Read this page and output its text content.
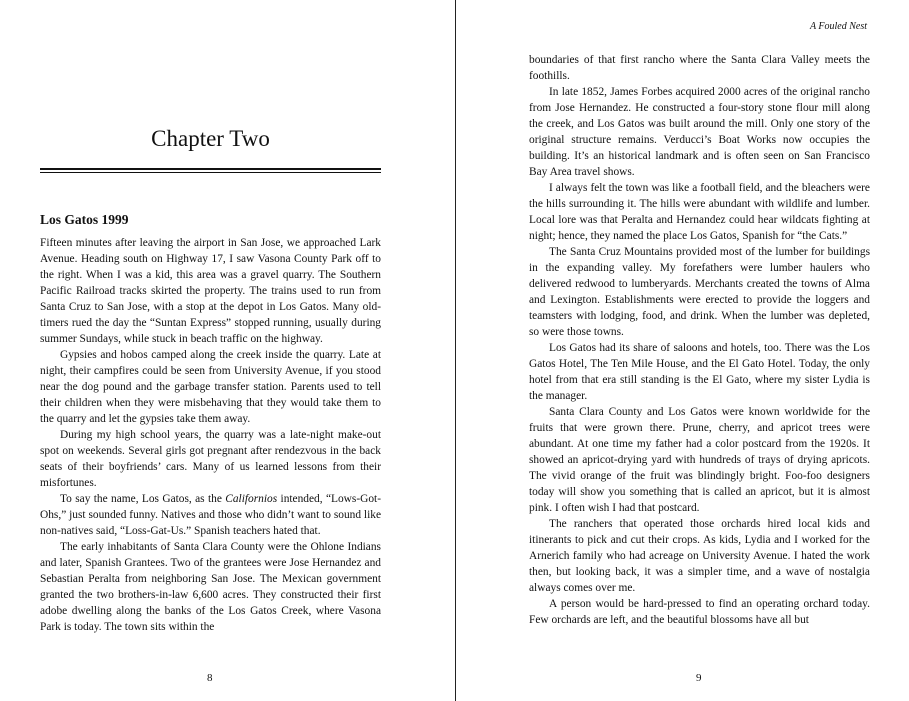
Chapter Two
Los Gatos 1999

Fifteen minutes after leaving the airport in San Jose, we approached Lark Avenue. Heading south on Highway 17, I saw Vasona County Park off to the right. When I was a kid, this area was a gravel quarry. The Southern Pacific Railroad tracks skirted the property. The trains used to run from Santa Cruz to San Jose, with a stop at the depot in Los Gatos. Many old-timers rued the day the “Suntan Express” stopped running, usually during summer Sundays, while stuck in beach traffic on the highway.

Gypsies and hobos camped along the creek inside the quarry. Late at night, their campfires could be seen from University Avenue, if you stood near the dog pound and the garbage transfer station. Parents used to tell their children when they were misbehaving that they would take them to the quarry and let the gypsies take them away.

During my high school years, the quarry was a late-night make-out spot on weekends. Several girls got pregnant after rendezvous in the back seats of their boyfriends’ cars. Many of us learned lessons from their misfortunes.

To say the name, Los Gatos, as the Californios intended, “Lows-Got-Ohs,” just sounded funny. Natives and those who didn’t want to sound like non-natives said, “Loss-Gat-Us.” Spanish teachers hated that.

The early inhabitants of Santa Clara County were the Ohlone Indians and later, Spanish Grantees. Two of the grantees were Jose Hernandez and Sebastian Peralta from neighboring San Jose. The Mexican government granted the two brothers-in-law 6,600 acres. They constructed their first adobe dwelling along the banks of the Los Gatos Creek, where Vasona Park is today. The town sits within the

8
A Fouled Nest

boundaries of that first rancho where the Santa Clara Valley meets the foothills.

In late 1852, James Forbes acquired 2000 acres of the original rancho from Jose Hernandez. He constructed a four-story stone flour mill along the creek, and Los Gatos was built around the mill. Only one story of the original structure remains. Verducci’s Boat Works now occupies the building. It’s an historical landmark and is often seen on San Francisco Bay Area travel shows.

I always felt the town was like a football field, and the bleachers were the hills surrounding it. The hills were abundant with wildlife and lumber. Local lore was that Peralta and Hernandez could hear wildcats fighting at night; hence, they named the place Los Gatos, Spanish for “the Cats.”

The Santa Cruz Mountains provided most of the lumber for buildings in the expanding valley. My forefathers were lumber haulers who delivered redwood to lumberyards. Merchants created the towns of Alma and Lexington. Establishments were erected to provide the loggers and teamsters with lodging, food, and drink. When the lumber was depleted, so were those towns.

Los Gatos had its share of saloons and hotels, too. There was the Los Gatos Hotel, The Ten Mile House, and the El Gato Hotel. Today, the only hotel from that era still standing is the El Gato, where my sister Lydia is the manager.

Santa Clara County and Los Gatos were known worldwide for the fruits that were grown there. Prune, cherry, and apricot trees were abundant. At one time my father had a color postcard from the 1920s. It showed an apricot-drying yard with hundreds of trays of drying apricots. The vivid orange of the fruit was blindingly bright. Foo-foo designers today will show you something that is called an apricot, but it is almost pink. I often wish I had that postcard.

The ranchers that operated those orchards hired local kids and itinerants to pick and cut their crops. As kids, Lydia and I worked for the Arnerich family who had acreage on University Avenue. I hated the work then, but looking back, it was a simpler time, and a wave of nostalgia always comes over me.

A person would be hard-pressed to find an operating orchard today. Few orchards are left, and the beautiful blossoms have all but

9
